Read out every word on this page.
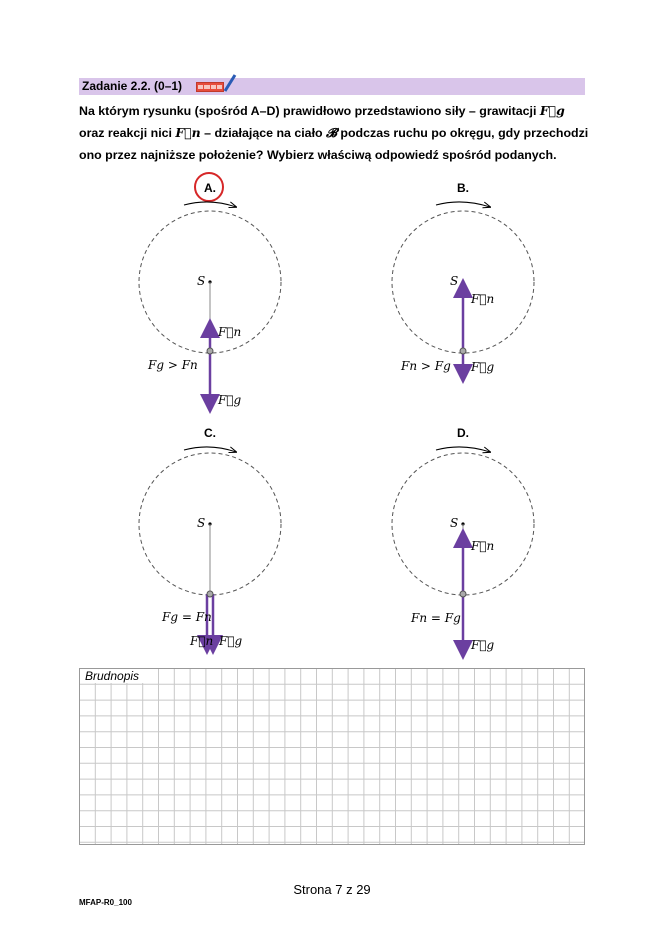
Zadanie 2.2. (0–1)

Na którym rysunku (spośród A–D) prawidłowo przedstawiono siły – grawitacji F⃗g oraz reakcji nici F⃗n – działające na ciało 𝓑 podczas ruchu po okręgu, gdy przechodzi ono przez najniższe położenie? Wybierz właściwą odpowiedź spośród podanych.

A.
S
F⃗n
F⃗g
Fg > Fn
B.
S
F⃗n
F⃗g
Fn > Fg
C.
S
F⃗n F⃗g
Fg = Fn
D.
S
F⃗n
F⃗g
Fn = Fg
Brudnopis
Strona 7 z 29
MFAP-R0_100
